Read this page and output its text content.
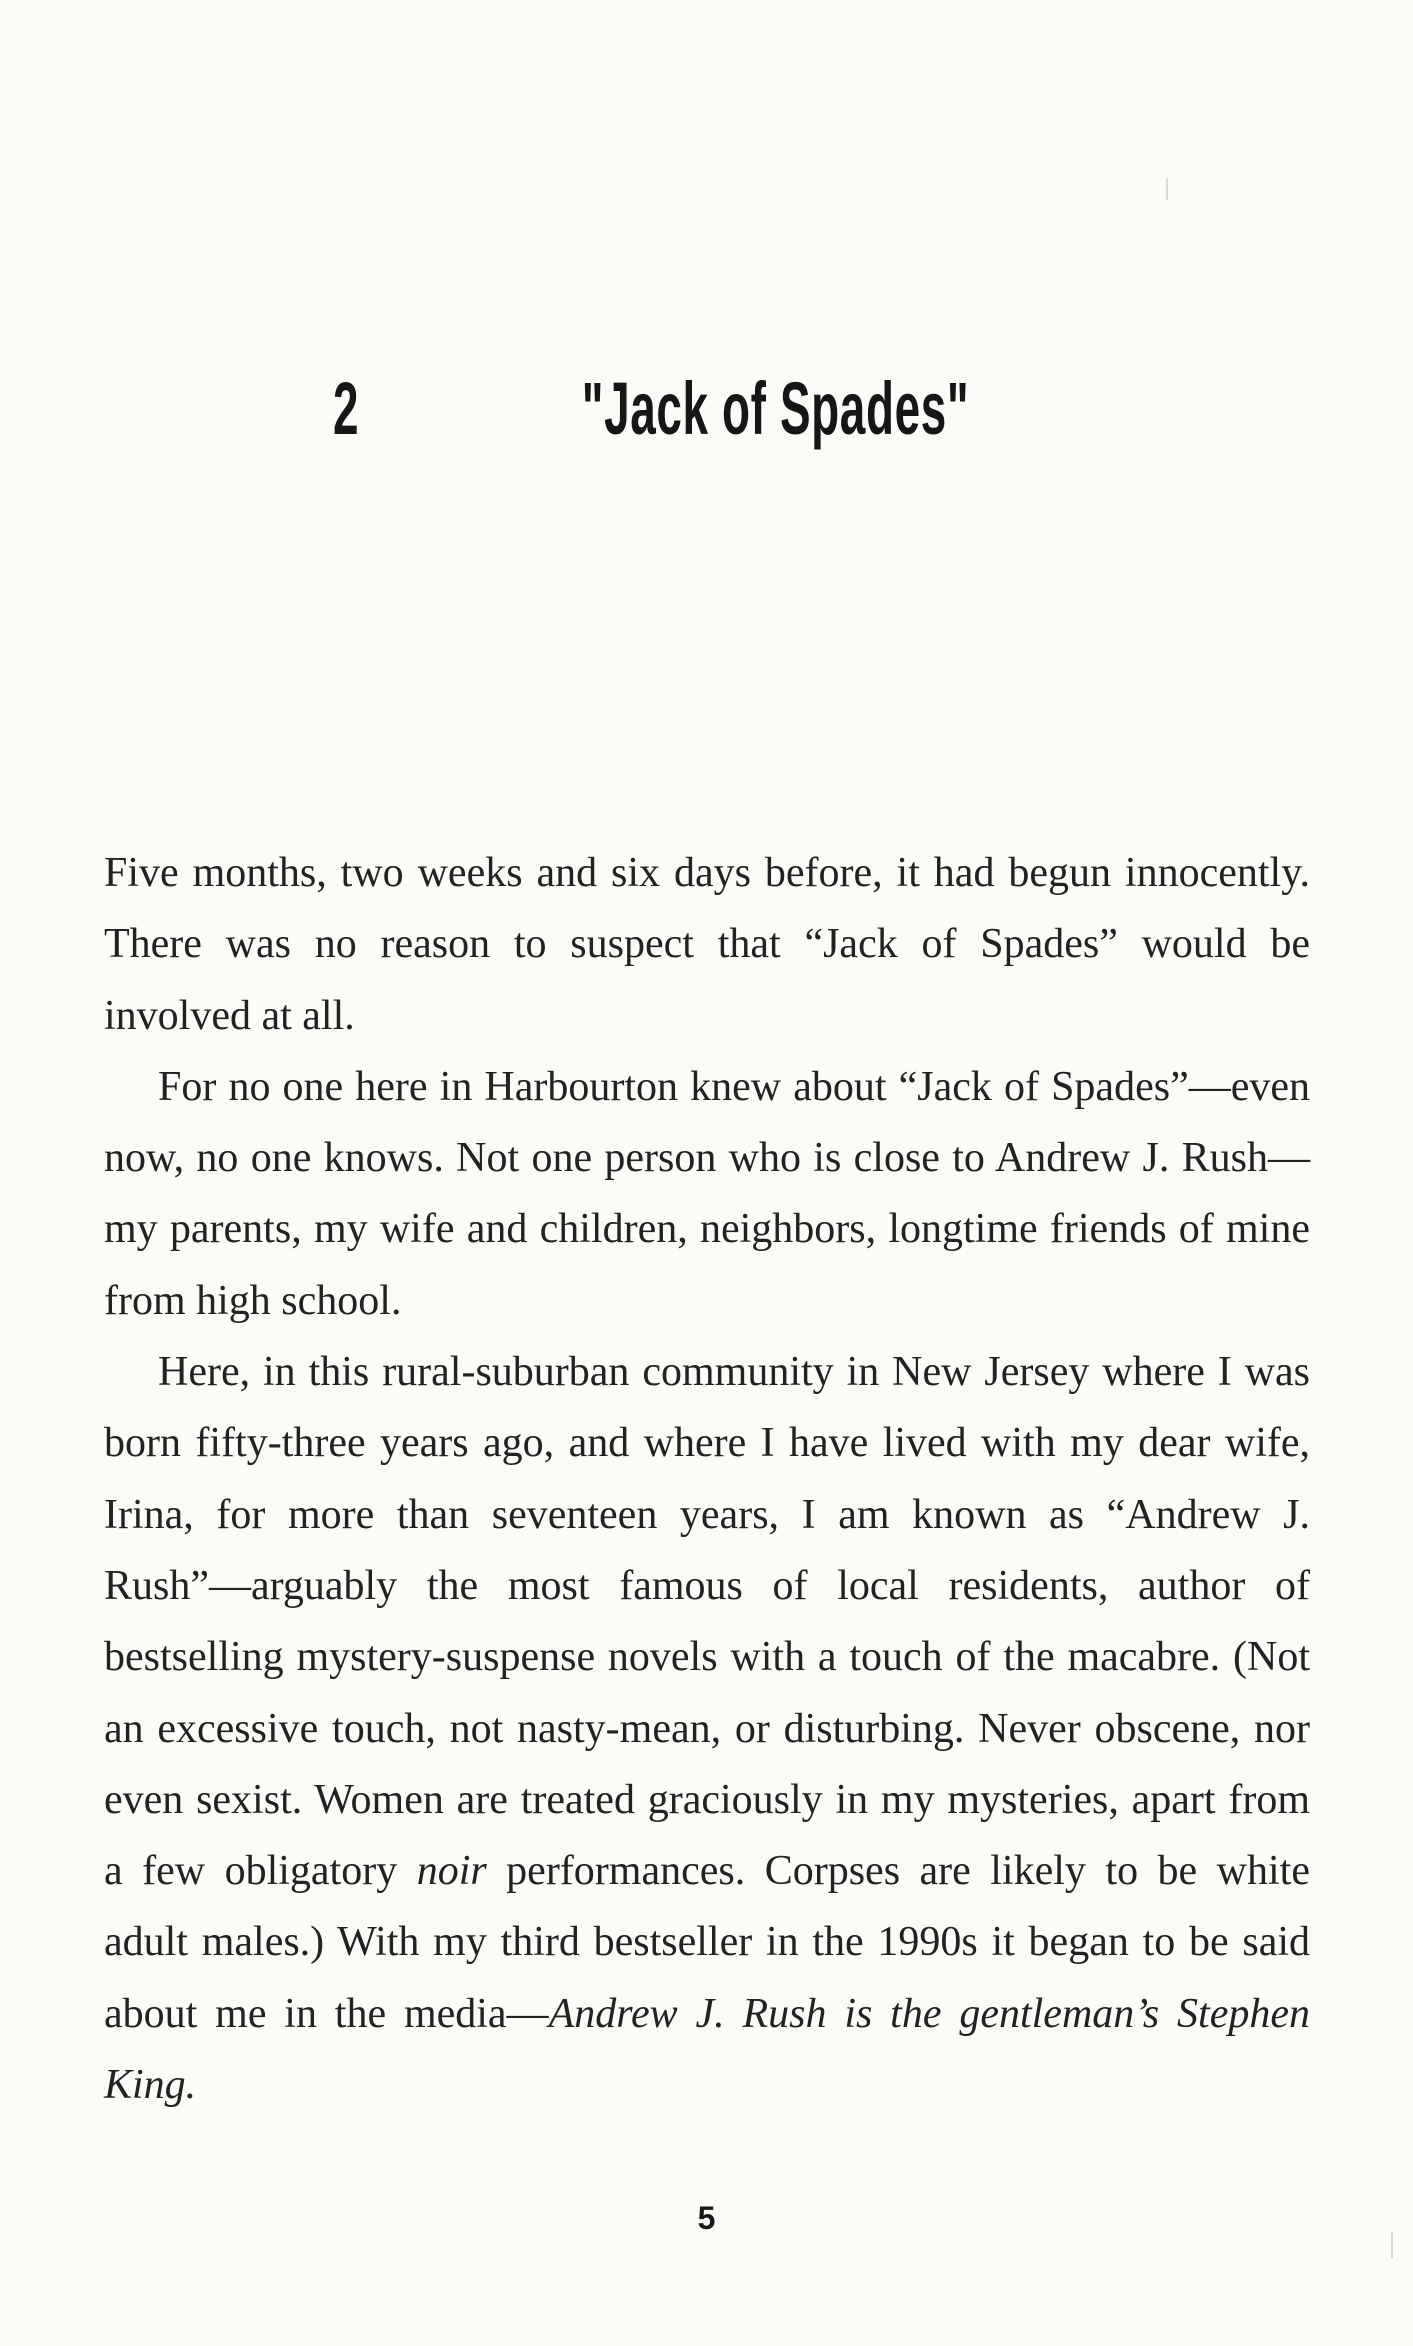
2	"Jack of Spades"

Five months, two weeks and six days before, it had begun innocently. There was no reason to suspect that “Jack of Spades” would be involved at all.

For no one here in Harbourton knew about “Jack of Spades”—even now, no one knows. Not one person who is close to Andrew J. Rush—my parents, my wife and children, neighbors, longtime friends of mine from high school.

Here, in this rural-suburban community in New Jersey where I was born fifty-three years ago, and where I have lived with my dear wife, Irina, for more than seventeen years, I am known as “Andrew J. Rush”—arguably the most famous of local residents, author of bestselling mystery-suspense novels with a touch of the macabre. (Not an excessive touch, not nasty-mean, or disturbing. Never obscene, nor even sexist. Women are treated graciously in my mysteries, apart from a few obligatory noir performances. Corpses are likely to be white adult males.) With my third bestseller in the 1990s it began to be said about me in the media—Andrew J. Rush is the gentleman’s Stephen King.

5
